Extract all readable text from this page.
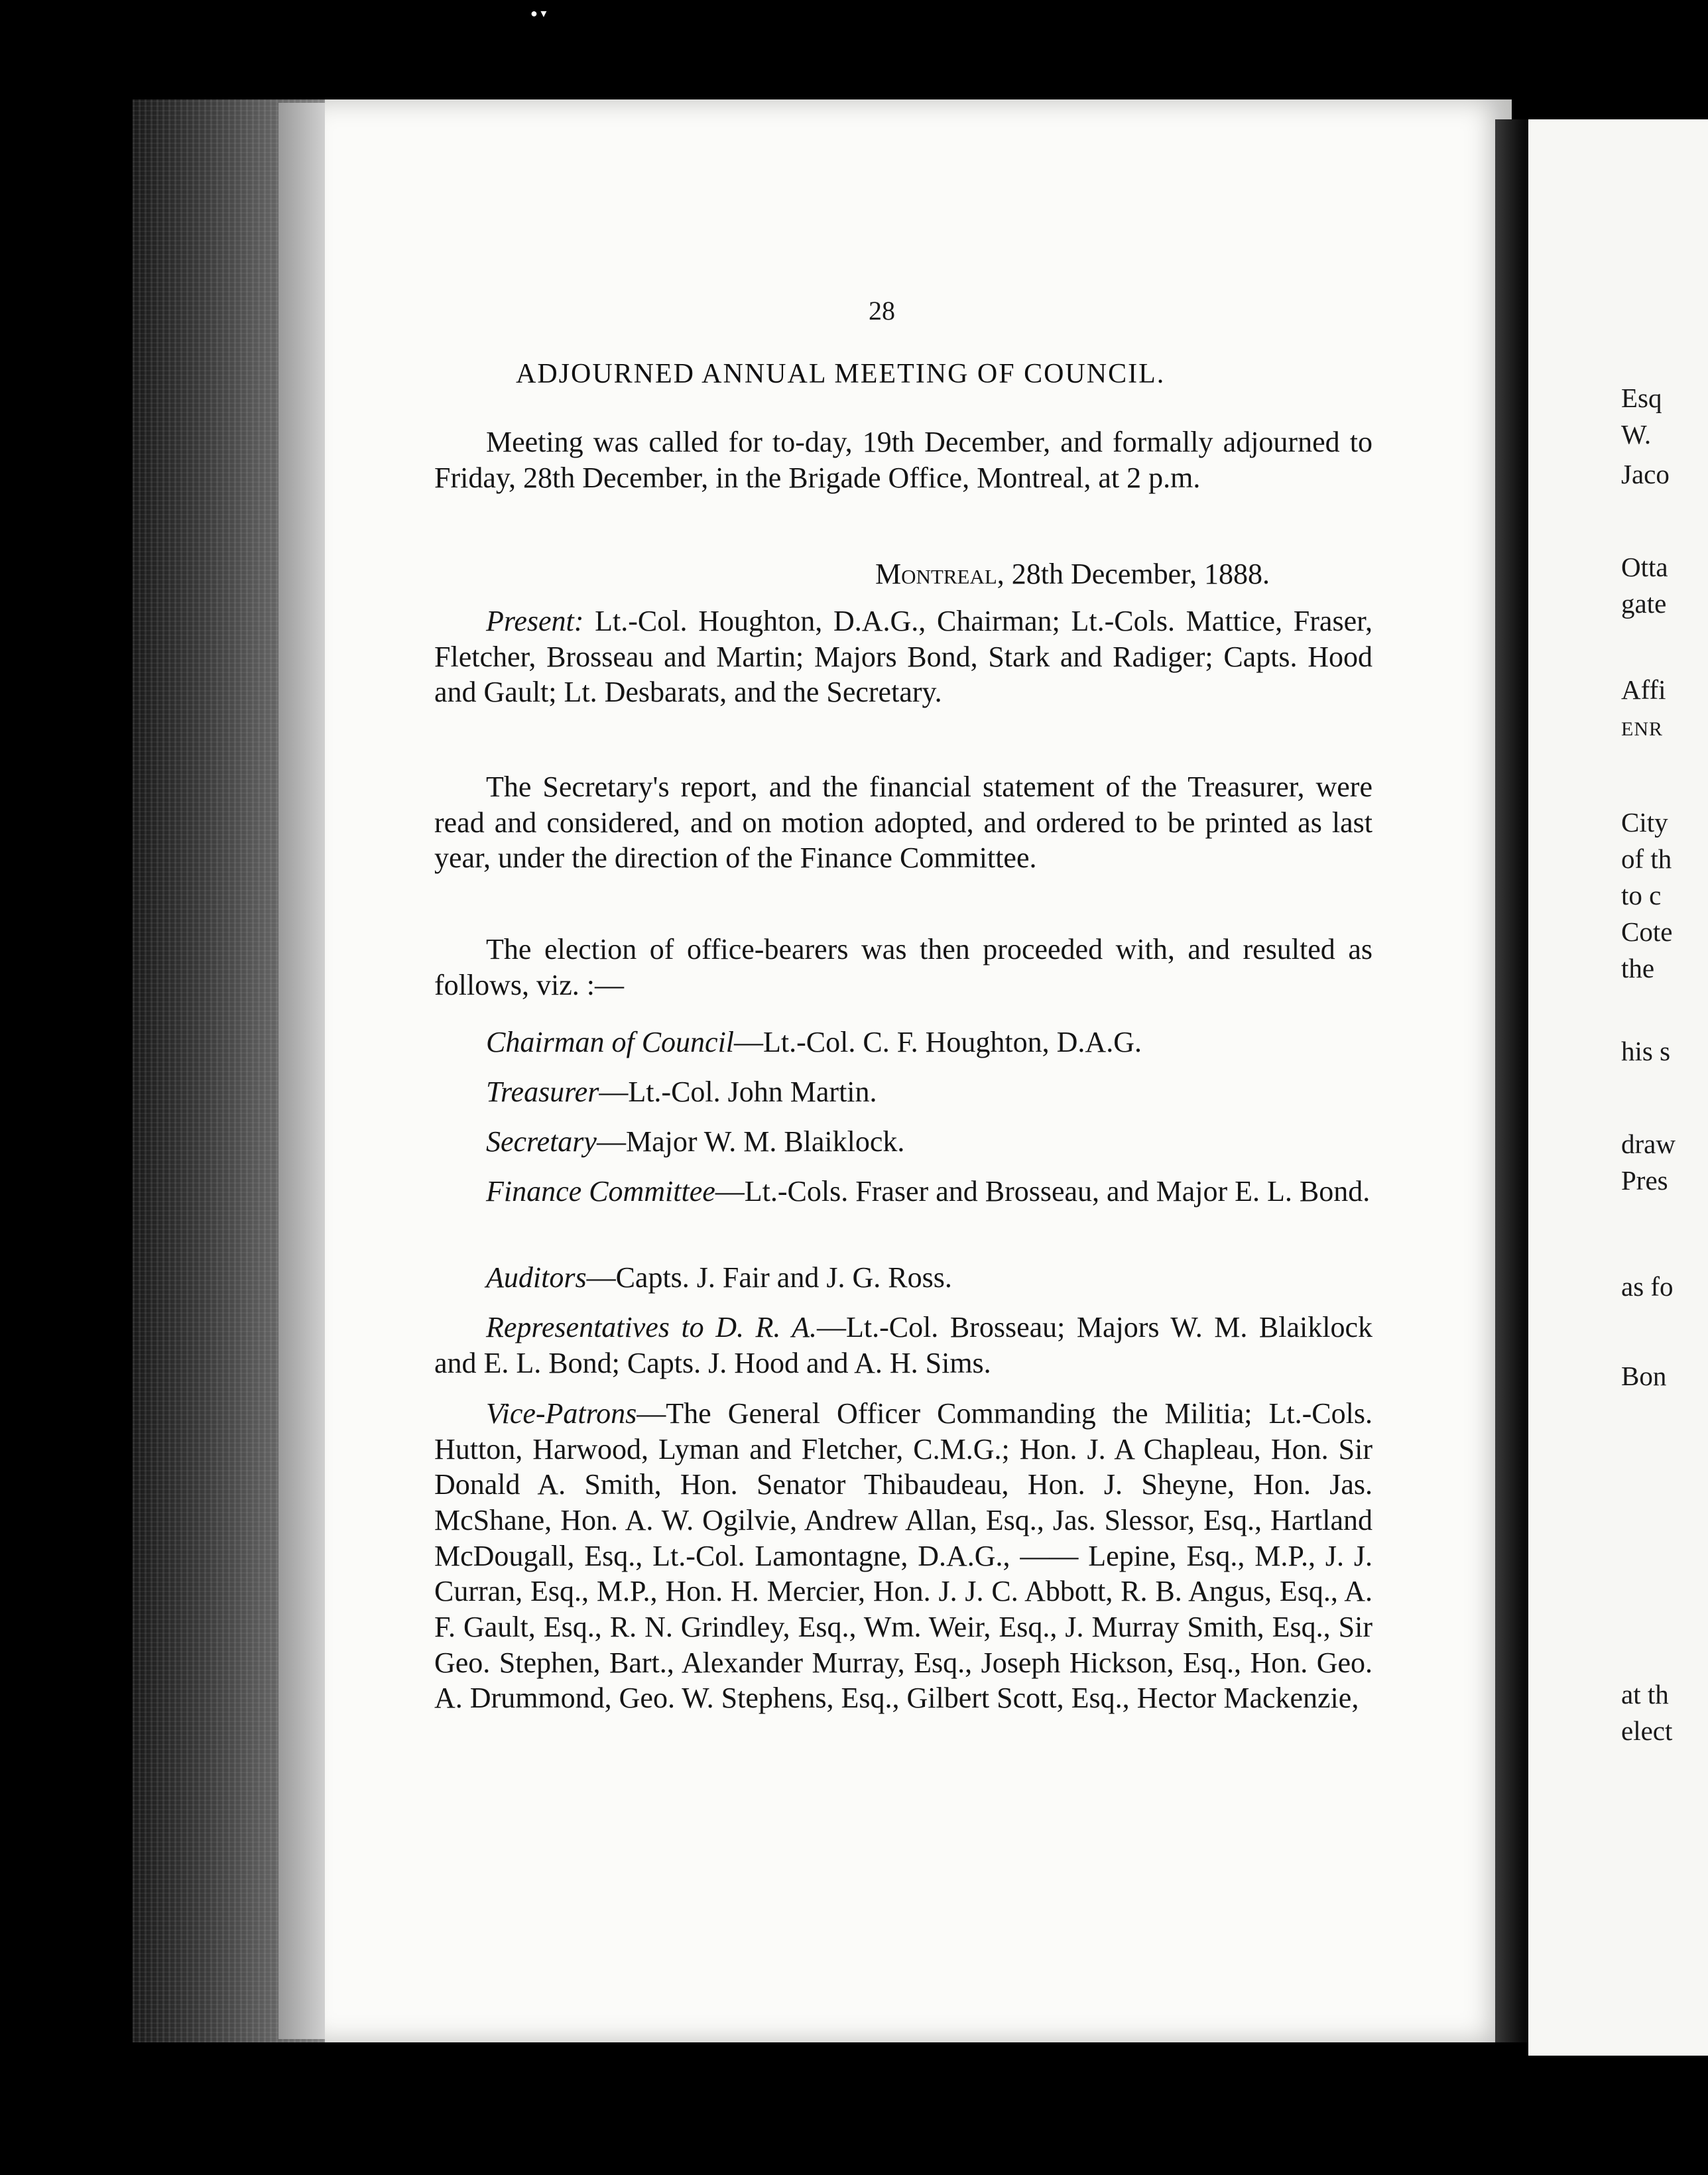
Esq
W.
Jaco
Otta
gate
Affi
ENR
City
of th
to c
Cote
the
his s
draw
Pres
as fo
Bon
at th
elect
28
ADJOURNED ANNUAL MEETING OF COUNCIL.
Meeting was called for to-day, 19th December, and formally adjourned to Friday, 28th December, in the Brigade Office, Montreal, at 2 p.m.
Montreal, 28th December, 1888.
Present: Lt.-Col. Houghton, D.A.G., Chairman; Lt.-Cols. Mattice, Fraser, Fletcher, Brosseau and Martin; Majors Bond, Stark and Radiger; Capts. Hood and Gault; Lt. Desbarats, and the Secretary.
The Secretary's report, and the financial statement of the Treasurer, were read and considered, and on motion adopted, and ordered to be printed as last year, under the direction of the Finance Committee.
The election of office-bearers was then proceeded with, and resulted as follows, viz. :—
Chairman of Council—Lt.-Col. C. F. Houghton, D.A.G.
Treasurer—Lt.-Col. John Martin.
Secretary—Major W. M. Blaiklock.
Finance Committee—Lt.-Cols. Fraser and Brosseau, and Major E. L. Bond.
Auditors—Capts. J. Fair and J. G. Ross.
Representatives to D. R. A.—Lt.-Col. Brosseau; Majors W. M. Blaiklock and E. L. Bond; Capts. J. Hood and A. H. Sims.
Vice-Patrons—The General Officer Commanding the Militia; Lt.-Cols. Hutton, Harwood, Lyman and Fletcher, C.M.G.; Hon. J. A Chapleau, Hon. Sir Donald A. Smith, Hon. Senator Thibaudeau, Hon. J. Sheyne, Hon. Jas. McShane, Hon. A. W. Ogilvie, Andrew Allan, Esq., Jas. Slessor, Esq., Hartland McDougall, Esq., Lt.-Col. Lamontagne, D.A.G., —— Lepine, Esq., M.P., J. J. Curran, Esq., M.P., Hon. H. Mercier, Hon. J. J. C. Abbott, R. B. Angus, Esq., A. F. Gault, Esq., R. N. Grindley, Esq., Wm. Weir, Esq., J. Murray Smith, Esq., Sir Geo. Stephen, Bart., Alexander Murray, Esq., Joseph Hickson, Esq., Hon. Geo. A. Drummond, Geo. W. Stephens, Esq., Gilbert Scott, Esq., Hector Mackenzie,
● ▾
